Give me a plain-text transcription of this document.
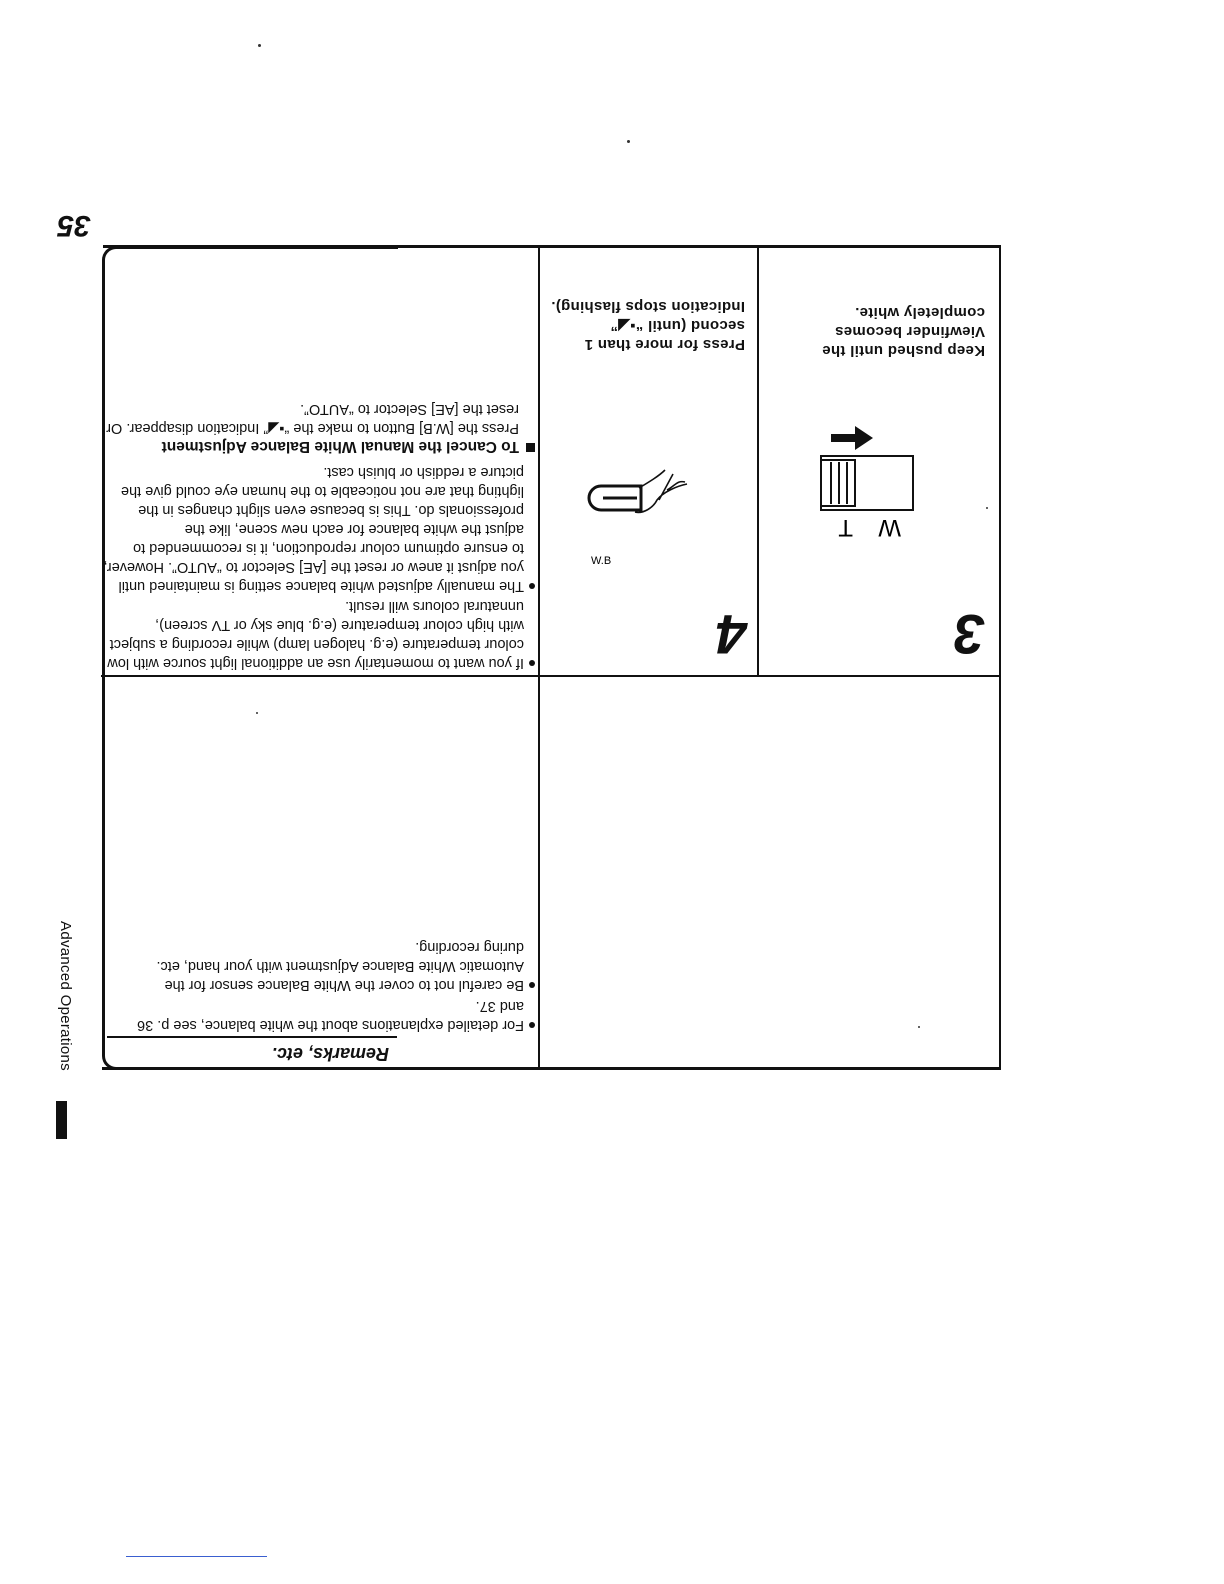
35
Advanced Operations	Remarks, etc.

For detailed explanations about the white balance, see p. 36 and 37.

Be careful not to cover the White Balance sensor for the Automatic White Balance Adjustment with your hand, etc. during recording.

3
W
T
Keep pushed until the Viewfinder becomes completely white.
4
W.B
Press for more than 1 second (until “▪◢” Indication stops flashing).

If you want to momentarily use an additional light source with low colour temperature (e.g. halogen lamp) while recording a subject with high colour temperature (e.g. blue sky or TV screen), unnatural colours will result.

The manually adjusted white balance setting is maintained until you adjust it anew or reset the [AE] Selector to “AUTO”. However, to ensure optimum colour reproduction, it is recommended to adjust the white balance for each new scene, like the professionals do. This is because even slight changes in the lighting that are not noticeable to the human eye could give the picture a reddish or bluish cast.

To Cancel the Manual White Balance Adjustment

Press the [W.B] Button to make the “▪◢” Indication disappear. Or reset the [AE] Selector to “AUTO”.
